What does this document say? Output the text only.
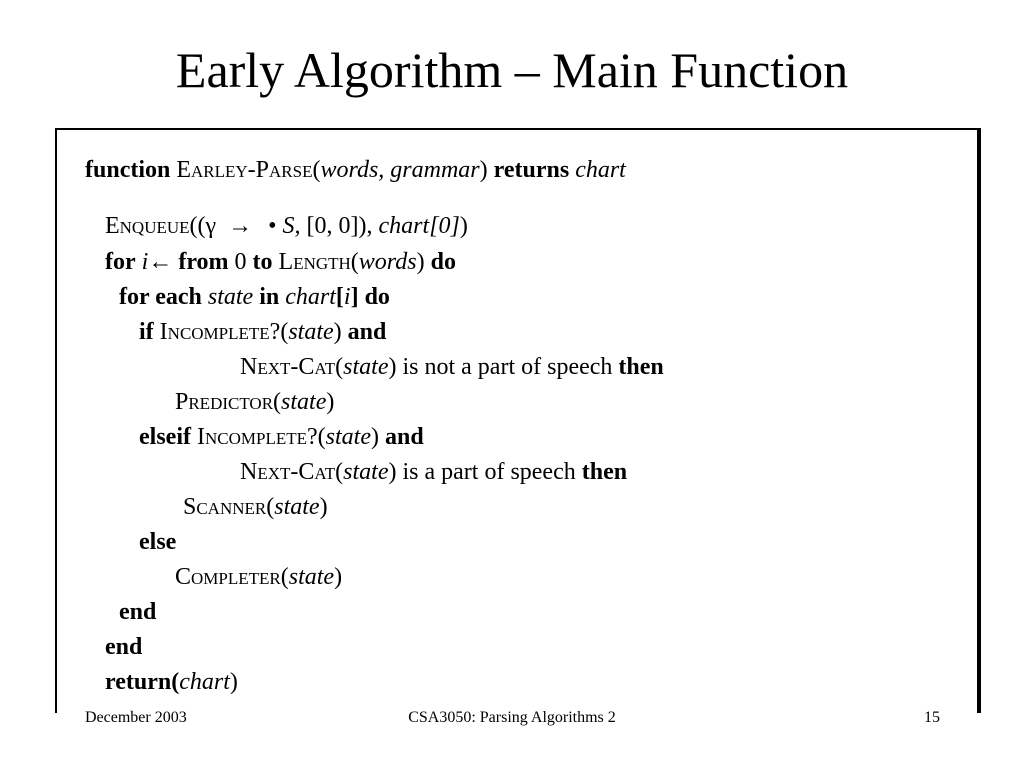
Early Algorithm – Main Function
function Earley-Parse(words, grammar) returns chart
Enqueue((γ → • S, [0, 0]), chart[0])
for i← from 0 to Length(words) do
for each state in chart[i] do
if Incomplete?(state) and
Next-Cat(state) is not a part of speech then
Predictor(state)
elseif Incomplete?(state) and
Next-Cat(state) is a part of speech then
Scanner(state)
else
Completer(state)
end
end
return(chart)
December 2003	CSA3050: Parsing Algorithms 2	15
